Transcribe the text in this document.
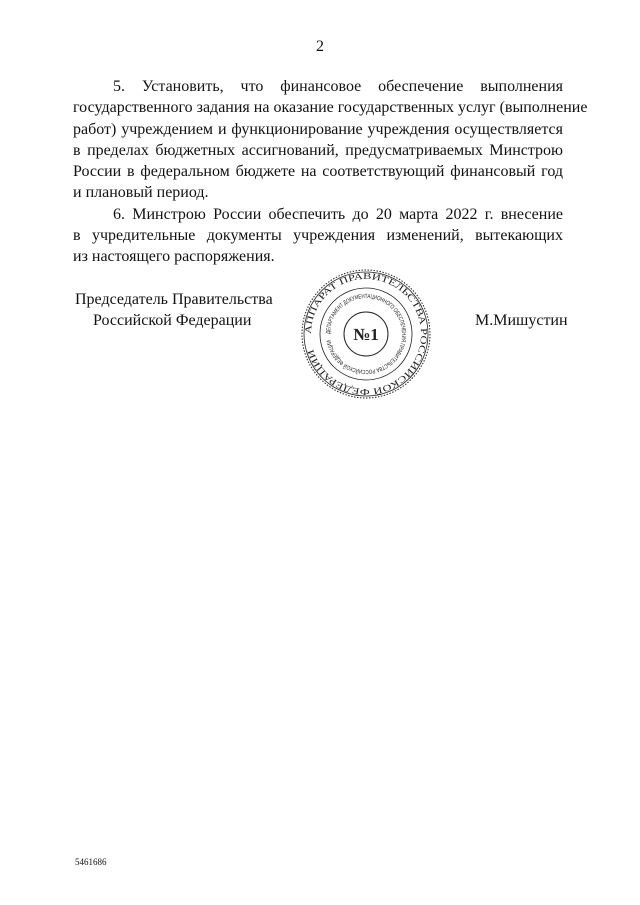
2
5. Установить, что финансовое обеспечение выполнения
государственного задания на оказание государственных услуг (выполнение
работ) учреждением и функционирование учреждения осуществляется
в пределах бюджетных ассигнований, предусматриваемых Минстрою
России в федеральном бюджете на соответствующий финансовый год
и плановый период.
6. Минстрою России обеспечить до 20 марта 2022 г. внесение
в учредительные документы учреждения изменений, вытекающих
из настоящего распоряжения.
Председатель Правительства
Российской Федерации	М.Мишустин
АППАРАТ ПРАВИТЕЛЬСТВА РОССИЙСКОЙ ФЕДЕРАЦИИ
ДЕПАРТАМЕНТ ДОКУМЕНТАЦИОННОГО ОБЕСПЕЧЕНИЯ ПРАВИТЕЛЬСТВА РОССИЙСКОЙ ФЕДЕРАЦИИ	№1
5461686
